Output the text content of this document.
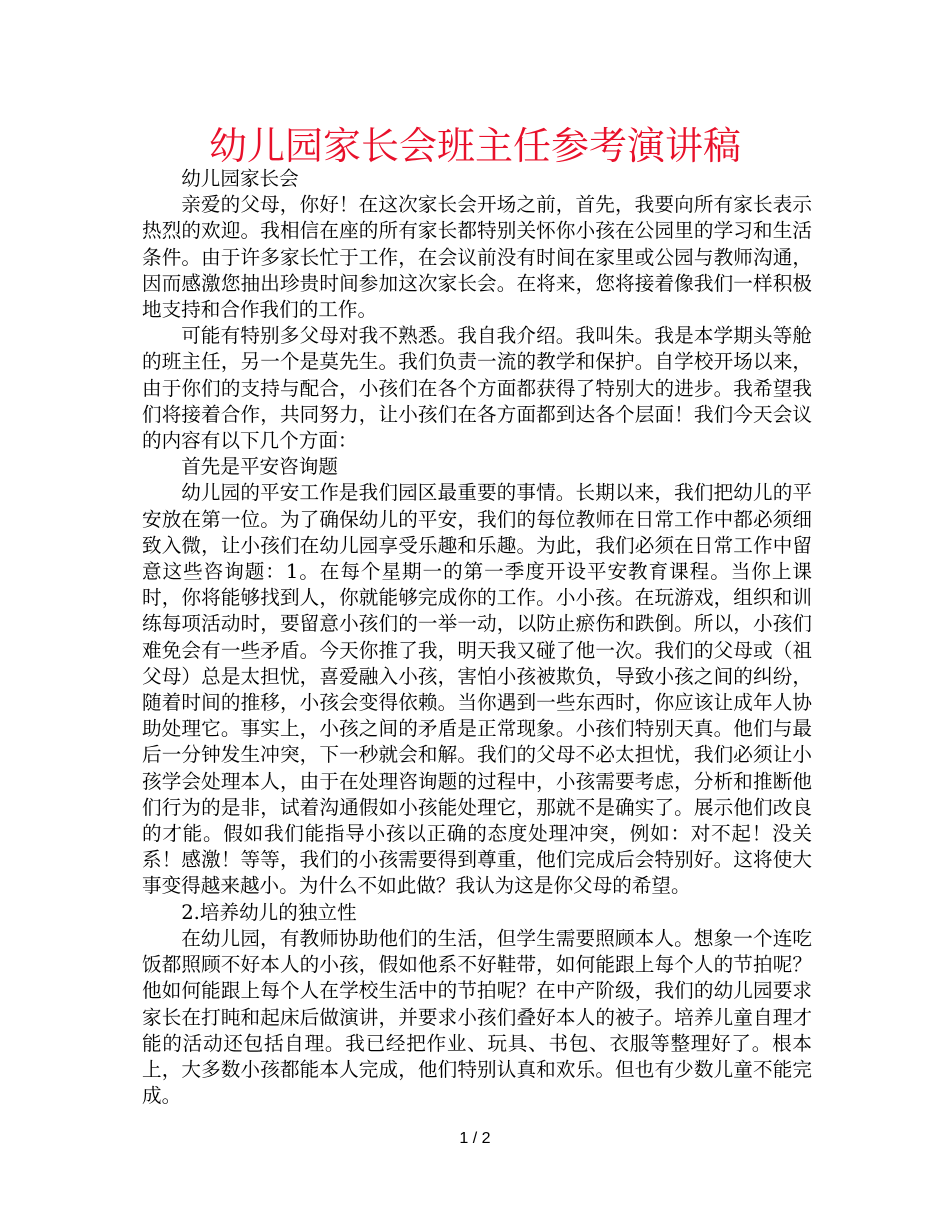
幼儿园家长会班主任参考演讲稿

幼儿园家长会

亲爱的父母，你好！在这次家长会开场之前，首先，我要向所有家长表示热烈的欢迎。我相信在座的所有家长都特别关怀你小孩在公园里的学习和生活条件。由于许多家长忙于工作，在会议前没有时间在家里或公园与教师沟通，因而感激您抽出珍贵时间参加这次家长会。在将来，您将接着像我们一样积极地支持和合作我们的工作。

可能有特别多父母对我不熟悉。我自我介绍。我叫朱。我是本学期头等舱的班主任，另一个是莫先生。我们负责一流的教学和保护。自学校开场以来，由于你们的支持与配合，小孩们在各个方面都获得了特别大的进步。我希望我们将接着合作，共同努力，让小孩们在各方面都到达各个层面！我们今天会议的内容有以下几个方面：

首先是平安咨询题

幼儿园的平安工作是我们园区最重要的事情。长期以来，我们把幼儿的平安放在第一位。为了确保幼儿的平安，我们的每位教师在日常工作中都必须细致入微，让小孩们在幼儿园享受乐趣和乐趣。为此，我们必须在日常工作中留意这些咨询题：1。在每个星期一的第一季度开设平安教育课程。当你上课时，你将能够找到人，你就能够完成你的工作。小小孩。在玩游戏，组织和训练每项活动时，要留意小孩们的一举一动，以防止瘀伤和跌倒。所以，小孩们难免会有一些矛盾。今天你推了我，明天我又碰了他一次。我们的父母或（祖父母）总是太担忧，喜爱融入小孩，害怕小孩被欺负，导致小孩之间的纠纷，随着时间的推移，小孩会变得依赖。当你遇到一些东西时，你应该让成年人协助处理它。事实上，小孩之间的矛盾是正常现象。小孩们特别天真。他们与最后一分钟发生冲突，下一秒就会和解。我们的父母不必太担忧，我们必须让小孩学会处理本人，由于在处理咨询题的过程中，小孩需要考虑，分析和推断他们行为的是非，试着沟通假如小孩能处理它，那就不是确实了。展示他们改良的才能。假如我们能指导小孩以正确的态度处理冲突，例如：对不起！没关系！感激！等等，我们的小孩需要得到尊重，他们完成后会特别好。这将使大事变得越来越小。为什么不如此做？我认为这是你父母的希望。

2.培养幼儿的独立性

在幼儿园，有教师协助他们的生活，但学生需要照顾本人。想象一个连吃饭都照顾不好本人的小孩，假如他系不好鞋带，如何能跟上每个人的节拍呢？他如何能跟上每个人在学校生活中的节拍呢？在中产阶级，我们的幼儿园要求家长在打盹和起床后做演讲，并要求小孩们叠好本人的被子。培养儿童自理才能的活动还包括自理。我已经把作业、玩具、书包、衣服等整理好了。根本上，大多数小孩都能本人完成，他们特别认真和欢乐。但也有少数儿童不能完成。

1 / 2
